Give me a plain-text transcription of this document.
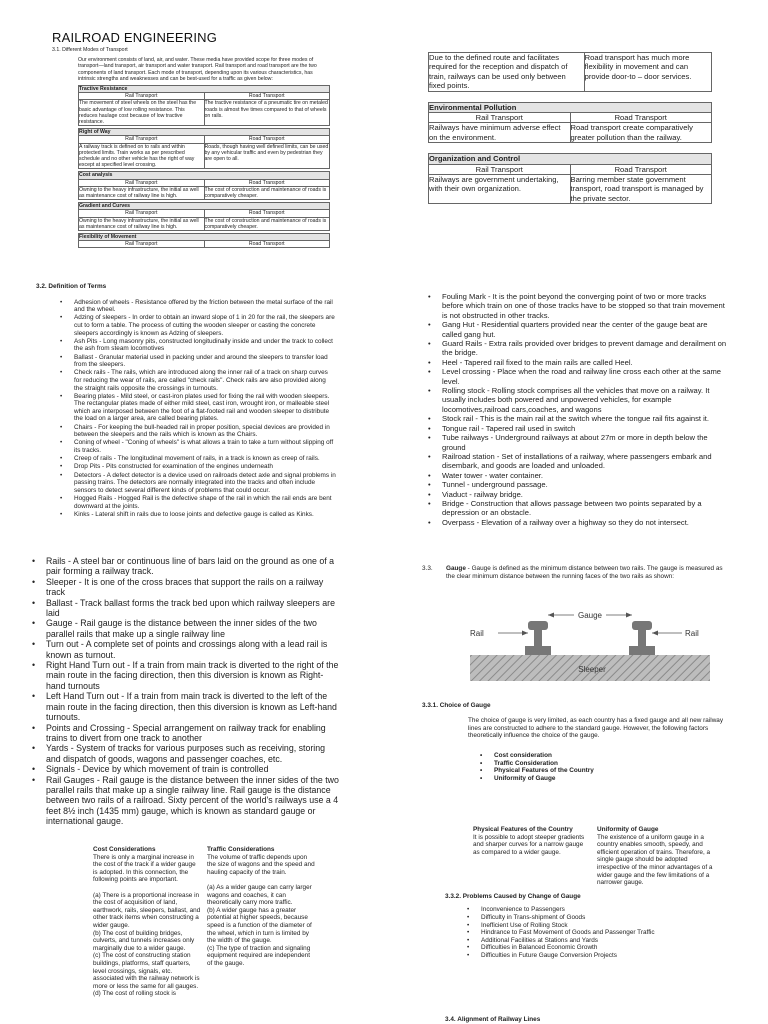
RAILROAD ENGINEERING
3.1. Different Modes of Transport
Our environment consists of land, air, and water. These media have provided scope for three modes of transport—land transport, air transport and water transport. Rail transport and road transport are the two components of land transport. Each mode of transport, depending upon its various characteristics, has intrinsic strengths and weaknesses and can be best-used for a traffic as given below:
Tractive Resistance	
Rail Transport	Road Transport
The movement of steel wheels on the steel has the basic advantage of low rolling resistance. This reduces haulage cost because of low tractive resistance.	The tractive resistance of a pneumatic tire on metaled roads is almost five times compared to that of wheels on rails.
Right of Way	
Rail Transport	Road Transport
A railway track is defined on to rails and within protected limits. Train works as per prescribed schedule and no other vehicle has the right of way except at specified level crossing.	Roads, though having well defined limits, can be used by any vehicular traffic and even by pedestrian they are open to all.
Cost analysis	
Rail Transport	Road Transport
Owning to the heavy infrastructure, the initial as well as maintenance cost of railway line is high.	The cost of construction and maintenance of roads is comparatively cheaper.
Gradient and Curves	
Rail Transport	Road Transport
Owning to the heavy infrastructure, the initial as well as maintenance cost of railway line is high.	The cost of construction and maintenance of roads is comparatively cheaper.
Flexibility of Movement
Rail Transport	Road Transport
Due to the defined route and facilitates required for the reception and dispatch of train, railways can be used only between fixed points.	Road transport has much more flexibility in movement and can provide door-to – door services.
Environmental Pollution	
Rail Transport	Road Transport
Railways have minimum adverse effect on the environment.	Road transport create comparatively greater pollution than the railway.
Organization and Control	
Rail Transport	Road Transport
Railways are government undertaking, with their own organization.	Barring member state government transport, road transport is managed by the private sector.
3.2. Definition of Terms
• Adhesion of wheels - Resistance offered by the friction between the metal surface of the rail and the wheel.
• Adzing of sleepers - In order to obtain an inward slope of 1 in 20 for the rail, the sleepers are cut to form a table. The process of cutting the wooden sleeper or casting the concrete sleepers accordingly is known as Adzing of sleepers.
• Ash Pits - Long masonry pits, constructed longitudinally inside and under the track to collect the ash from steam locomotives
• Ballast - Granular material used in packing under and around the sleepers to transfer load from the sleepers.
• Check rails - The rails, which are introduced along the inner rail of a track on sharp curves for reducing the wear of rails, are called "check rails". Check rails are also provided along the straight rails opposite the crossings in turnouts.
• Bearing plates - Mild steel, or cast-iron plates used for fixing the rail with wooden sleepers. The rectangular plates made of either mild steel, cast iron, wrought iron, or malleable steel which are interposed between the foot of a flat-footed rail and wooden sleeper to distribute the load on a larger area, are called bearing plates.
• Chairs - For keeping the bull-headed rail in proper position, special devices are provided in between the sleepers and the rails which is known as the Chairs.
• Coning of wheel - "Coning of wheels" is what allows a train to take a turn without slipping off its tracks.
• Creep of rails - The longitudinal movement of rails, in a track is known as creep of rails.
• Drop Pits - Pits constructed for examination of the engines underneath
• Detectors - A defect detector is a device used on railroads detect axle and signal problems in passing trains. The detectors are normally integrated into the tracks and often include sensors to detect several different kinds of problems that could occur.
• Hogged Rails - Hogged Rail is the defective shape of the rail in which the rail ends are bent downward at the joints.
• Kinks - Lateral shift in rails due to loose joints and defective gauge is called as Kinks.
• Fouling Mark - It is the point beyond the converging point of two or more tracks before which train on one of those tracks have to be stopped so that train movement is not obstructed in other tracks.
• Gang Hut - Residential quarters provided near the center of the gauge beat are called gang hut.
• Guard Rails - Extra rails provided over bridges to prevent damage and derailment on the bridge.
• Heel - Tapered rail fixed to the main rails are called Heel.
• Level crossing - Place when the road and railway line cross each other at the same level.
• Rolling stock - Rolling stock comprises all the vehicles that move on a railway. It usually includes both powered and unpowered vehicles, for example locomotives,railroad cars,coaches, and wagons
• Stock rail - This is the main rail at the switch where the tongue rail fits against it.
• Tongue rail - Tapered rail used in switch
• Tube railways - Underground railways at about 27m or more in depth below the ground
• Railroad station - Set of installations of a railway, where passengers embark and disembark, and goods are loaded and unloaded.
• Water tower - water container.
• Tunnel - underground passage.
• Viaduct - railway bridge.
• Bridge - Construction that allows passage between two points separated by a depression or an obstacle.
• Overpass - Elevation of a railway over a highway so they do not intersect.
• Rails - A steel bar or continuous line of bars laid on the ground as one of a pair forming a railway track.
• Sleeper - It is one of the cross braces that support the rails on a railway track
• Ballast - Track ballast forms the track bed upon which railway sleepers are laid
• Gauge - Rail gauge is the distance between the inner sides of the two parallel rails that make up a single railway line
• Turn out - A complete set of points and crossings along with a lead rail is known as turnout.
• Right Hand Turn out - If a train from main track is diverted to the right of the main route in the facing direction, then this diversion is known as Right-hand turnouts
• Left Hand Turn out - If a train from main track is diverted to the left of the main route in the facing direction, then this diversion is known as Left-hand turnouts.
• Points and Crossing - Special arrangement on railway track for enabling trains to divert from one track to another
• Yards - System of tracks for various purposes such as receiving, storing and dispatch of goods, wagons and passenger coaches, etc.
• Signals - Device by which movement of train is controlled
• Rail Gauges - Rail gauge is the distance between the inner sides of the two parallel rails that make up a single railway line. Rail gauge is the distance between two rails of a railroad. Sixty percent of the world's railways use a 4 feet 8½ inch (1435 mm) gauge, which is known as standard gauge or international gauge.
3.3.	Gauge - Gauge is defined as the minimum distance between two rails. The gauge is measured as the clear minimum distance between the running faces of the two rails as shown:
Gauge
Rail	Rail
Sleeper
3.3.1. Choice of Gauge
The choice of gauge is very limited, as each country has a fixed gauge and all new railway lines are constructed to adhere to the standard gauge. However, the following factors theoretically influence the choice of the gauge.
• Cost consideration
• Traffic Consideration
• Physical Features of the Country
• Uniformity of Gauge
Cost Considerations
There is only a marginal increase in the cost of the track if a wider gauge is adopted. In this connection, the following points are important.

(a) There is a proportional increase in the cost of acquisition of land, earthwork, rails, sleepers, ballast, and other track items when constructing a wider gauge.
(b) The cost of building bridges, culverts, and tunnels increases only marginally due to a wider gauge.
(c) The cost of constructing station buildings, platforms, staff quarters, level crossings, signals, etc. associated with the railway network is more or less the same for all gauges.
(d) The cost of rolling stock is
Traffic Considerations
The volume of traffic depends upon the size of wagons and the speed and hauling capacity of the train.

(a) As a wider gauge can carry larger wagons and coaches, it can theoretically carry more traffic.
(b) A wider gauge has a greater potential at higher speeds, because speed is a function of the diameter of the wheel, which in turn is limited by the width of the gauge.
(c) The type of traction and signaling equipment required are independent of the gauge.
Physical Features of the Country
It is possible to adopt steeper gradients and sharper curves for a narrow gauge as compared to a wider gauge.
Uniformity of Gauge
The existence of a uniform gauge in a country enables smooth, speedy, and efficient operation of trains. Therefore, a single gauge should be adopted irrespective of the minor advantages of a wider gauge and the few limitations of a narrower gauge.
3.3.2. Problems Caused by Change of Gauge
• Inconvenience to Passengers
• Difficulty in Trans-shipment of Goods
• Inefficient Use of Rolling Stock
• Hindrance to Fast Movement of Goods and Passenger Traffic
• Additional Facilities at Stations and Yards
• Difficulties in Balanced Economic Growth
• Difficulties in Future Gauge Conversion Projects
3.4. Alignment of Railway Lines
